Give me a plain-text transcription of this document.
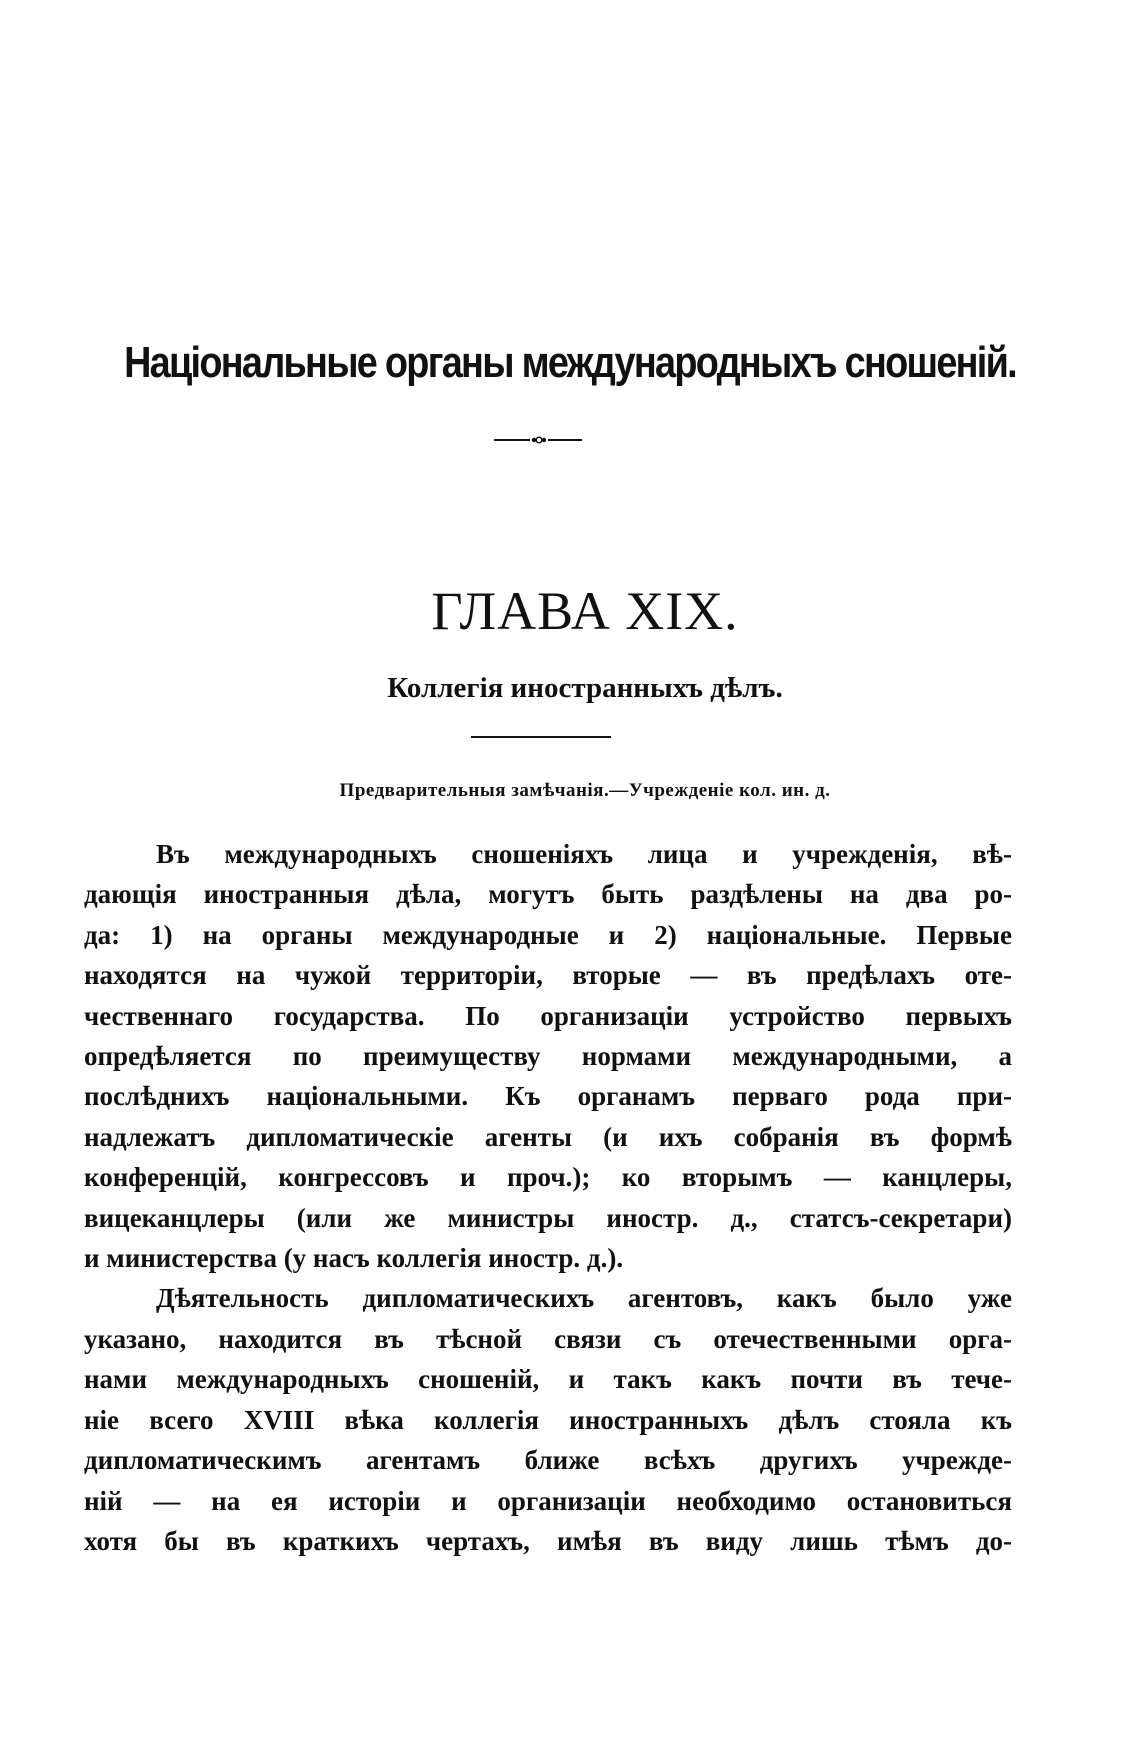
Національные органы международныхъ сношеній.
ГЛАВА XIX.
Коллегія иностранныхъ дѣлъ.
Предварительныя замѣчанія.—Учрежденіе кол. ин. д.
Въ международныхъ сношеніяхъ лица и учрежденія, вѣ-
дающія иностранныя дѣла, могутъ быть раздѣлены на два ро-
да: 1) на органы международные и 2) національные. Первые
находятся на чужой территоріи, вторые — въ предѣлахъ оте-
чественнаго государства. По организаціи устройство первыхъ
опредѣляется по преимуществу нормами международными, а
послѣднихъ національными. Къ органамъ перваго рода при-
надлежатъ дипломатическіе агенты (и ихъ собранія въ формѣ
конференцій, конгрессовъ и проч.); ко вторымъ — канцлеры,
вицеканцлеры (или же министры иностр. д., статсъ-секретари)
и министерства (у насъ коллегія иностр. д.).
Дѣятельность дипломатическихъ агентовъ, какъ было уже
указано, находится въ тѣсной связи съ отечественными орга-
нами международныхъ сношеній, и такъ какъ почти въ тече-
ніе всего XVIII вѣка коллегія иностранныхъ дѣлъ стояла къ
дипломатическимъ агентамъ ближе всѣхъ другихъ учрежде-
ній — на ея исторіи и организаціи необходимо остановиться
хотя бы въ краткихъ чертахъ, имѣя въ виду лишь тѣмъ до-
